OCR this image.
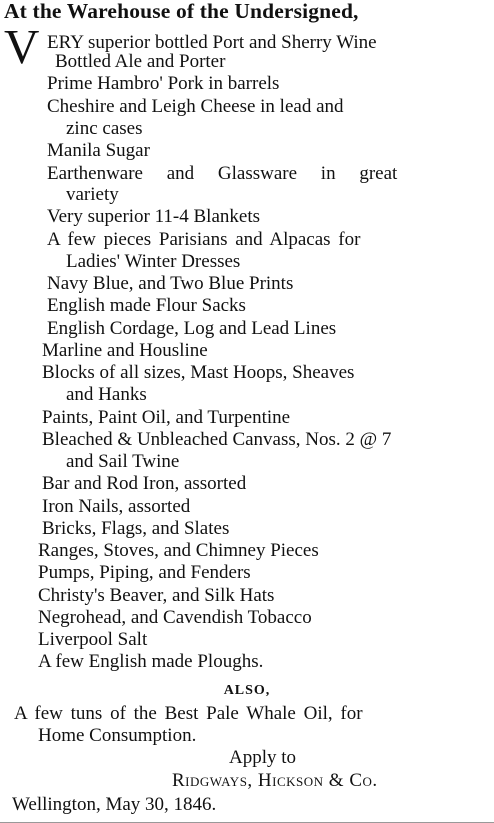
At the Warehouse of the Undersigned,
V ERY superior bottled Port and Sherry Wine
Bottled Ale and Porter
Prime Hambro' Pork in barrels
Cheshire and Leigh Cheese in lead and
zinc cases
Manila Sugar
Earthenware and Glassware in great
variety
Very superior 11-4 Blankets
A few pieces Parisians and Alpacas for
Ladies' Winter Dresses
Navy Blue, and Two Blue Prints
English made Flour Sacks
English Cordage, Log and Lead Lines
Marline and Housline
Blocks of all sizes, Mast Hoops, Sheaves
and Hanks
Paints, Paint Oil, and Turpentine
Bleached & Unbleached Canvass, Nos. 2 @ 7
and Sail Twine
Bar and Rod Iron, assorted
Iron Nails, assorted
Bricks, Flags, and Slates
Ranges, Stoves, and Chimney Pieces
Pumps, Piping, and Fenders
Christy's Beaver, and Silk Hats
Negrohead, and Cavendish Tobacco
Liverpool Salt
A few English made Ploughs.
ALSO,
A few tuns of the Best Pale Whale Oil, for
Home Consumption.
Apply to
Ridgways, Hickson & Co.
Wellington, May 30, 1846.
